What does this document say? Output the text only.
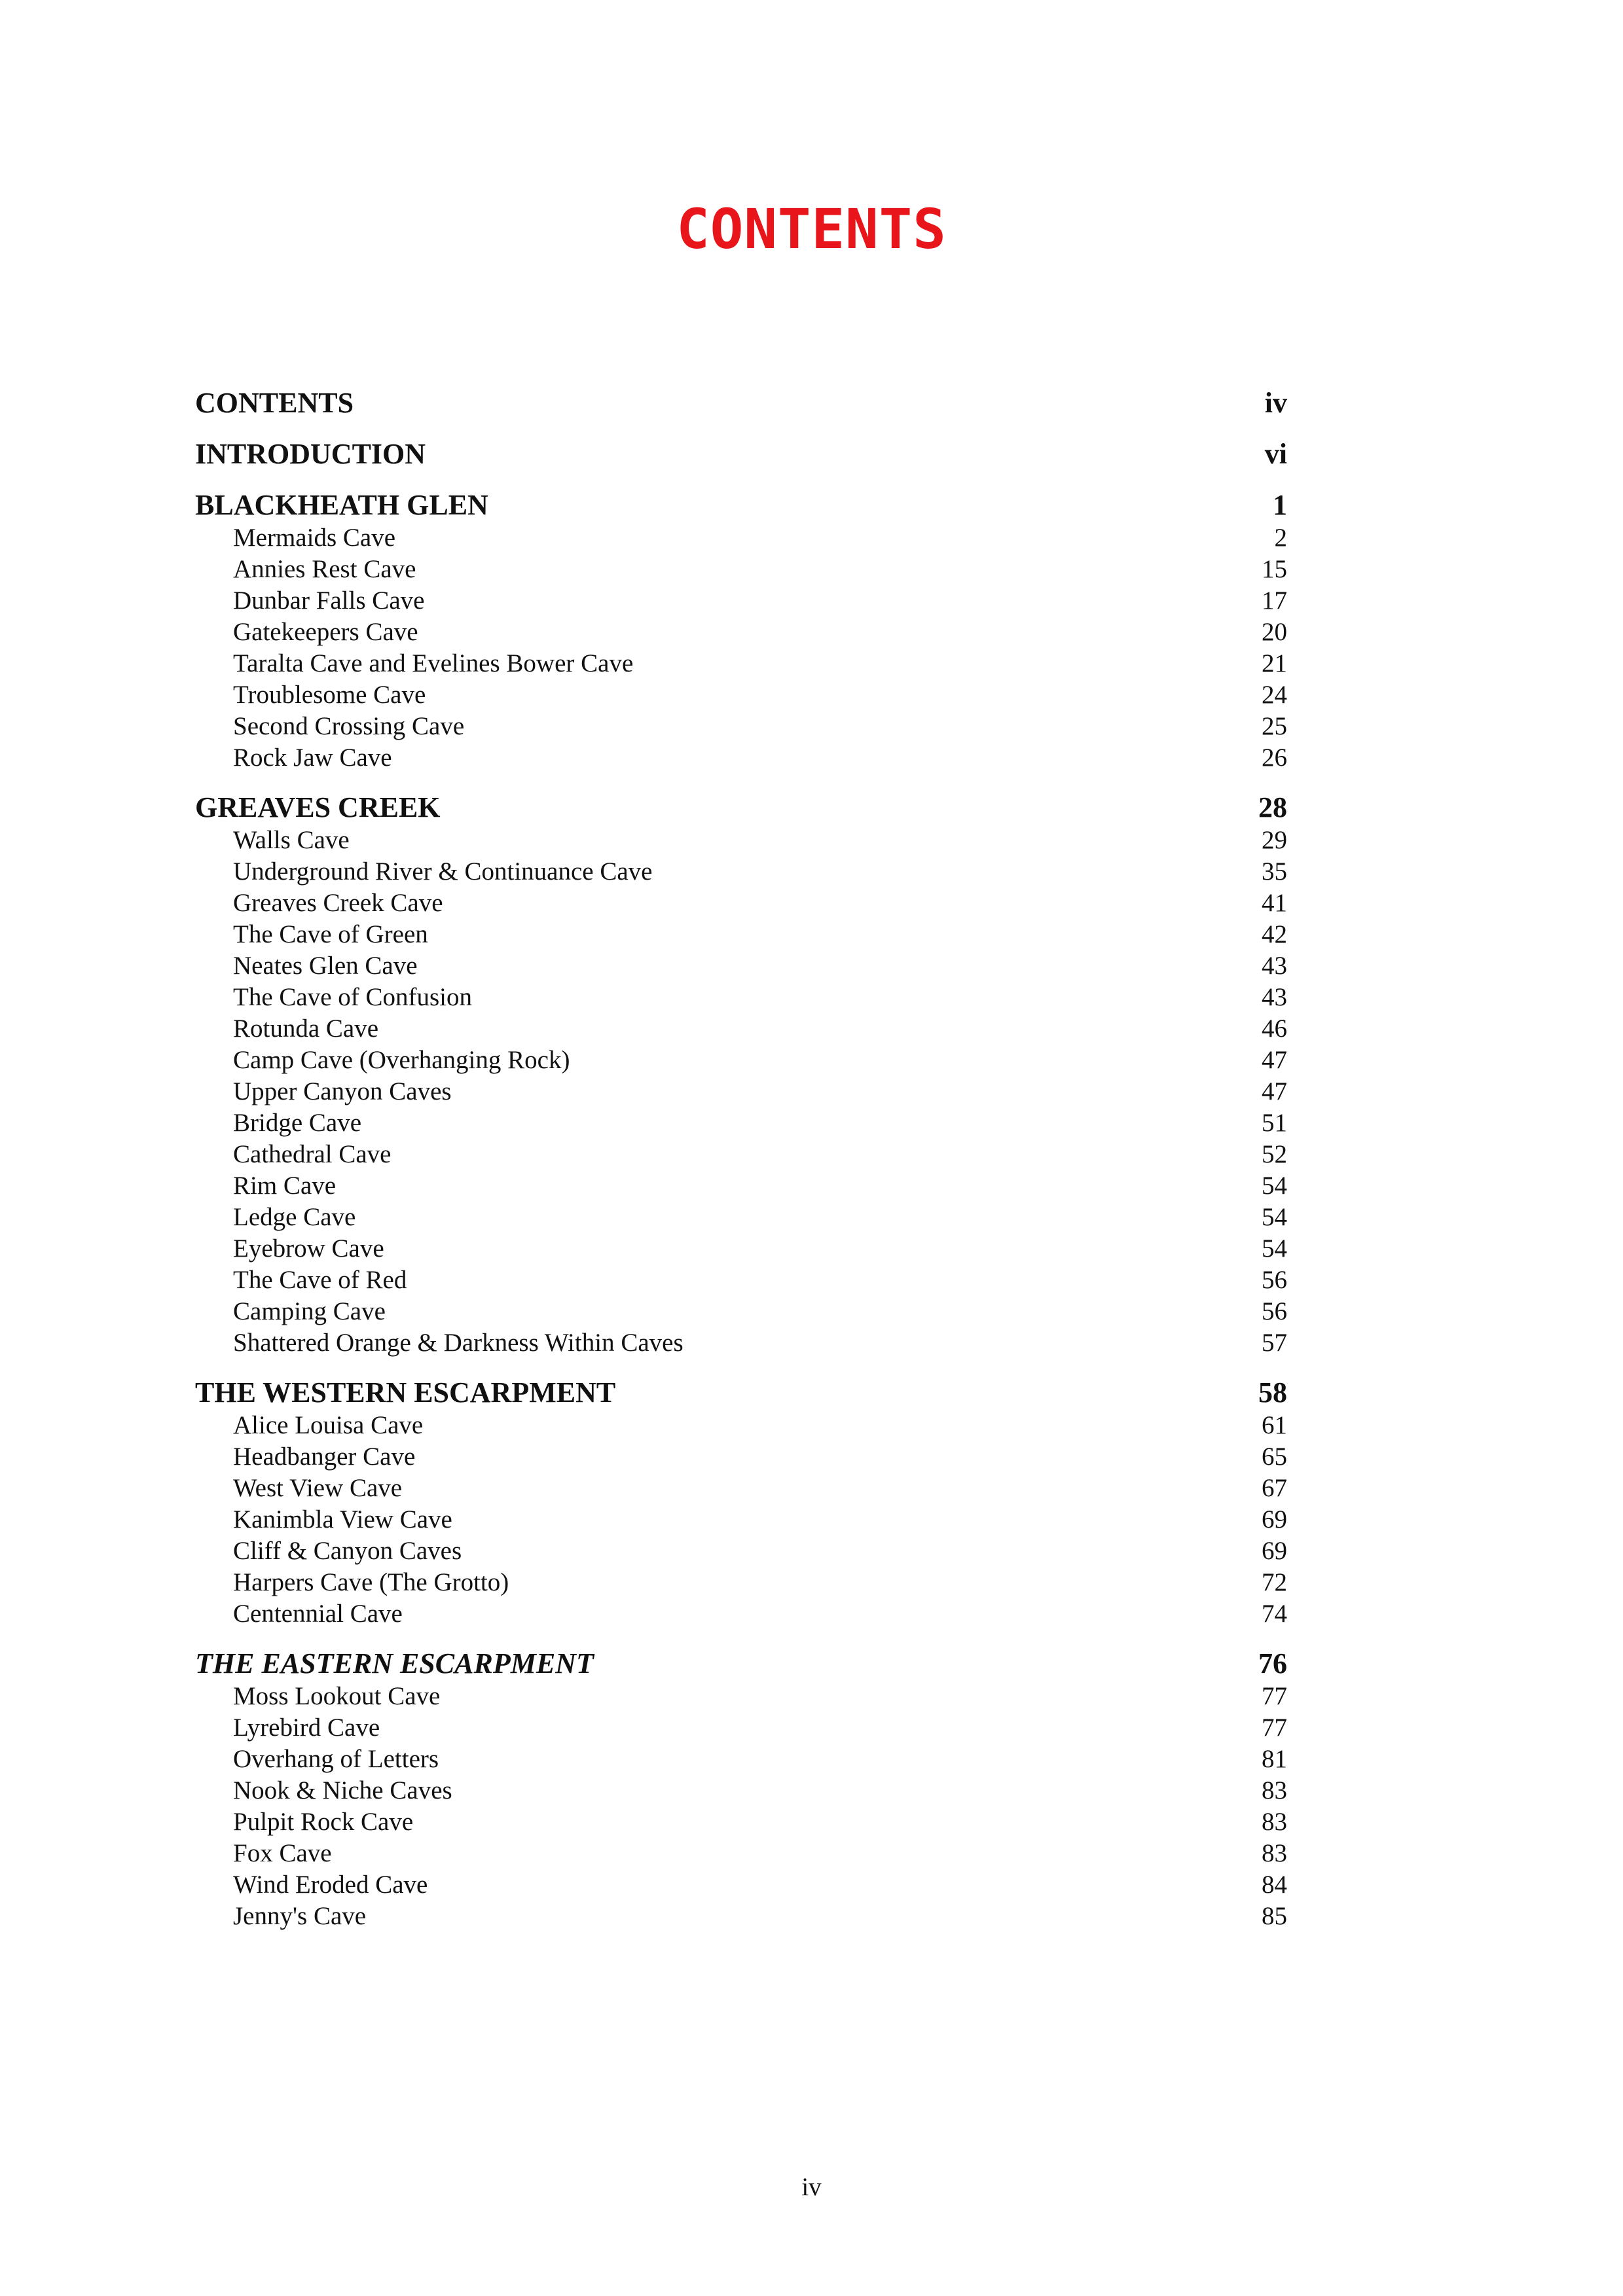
CONTENTS
CONTENTS	iv
INTRODUCTION	vi
BLACKHEATH GLEN	1
Mermaids Cave	2
Annies Rest Cave	15
Dunbar Falls Cave	17
Gatekeepers Cave	20
Taralta Cave and Evelines Bower Cave	21
Troublesome Cave	24
Second Crossing Cave	25
Rock Jaw Cave	26
GREAVES CREEK	28
Walls Cave	29
Underground River & Continuance Cave	35
Greaves Creek Cave	41
The Cave of Green	42
Neates Glen Cave	43
The Cave of Confusion	43
Rotunda Cave	46
Camp Cave (Overhanging Rock)	47
Upper Canyon Caves	47
Bridge Cave	51
Cathedral Cave	52
Rim Cave	54
Ledge Cave	54
Eyebrow Cave	54
The Cave of Red	56
Camping Cave	56
Shattered Orange & Darkness Within Caves	57
THE WESTERN ESCARPMENT	58
Alice Louisa Cave	61
Headbanger Cave	65
West View Cave	67
Kanimbla View Cave	69
Cliff & Canyon Caves	69
Harpers Cave (The Grotto)	72
Centennial Cave	74
THE EASTERN ESCARPMENT	76
Moss Lookout Cave	77
Lyrebird Cave	77
Overhang of Letters	81
Nook & Niche Caves	83
Pulpit Rock Cave	83
Fox Cave	83
Wind Eroded Cave	84
Jenny's Cave	85
iv
